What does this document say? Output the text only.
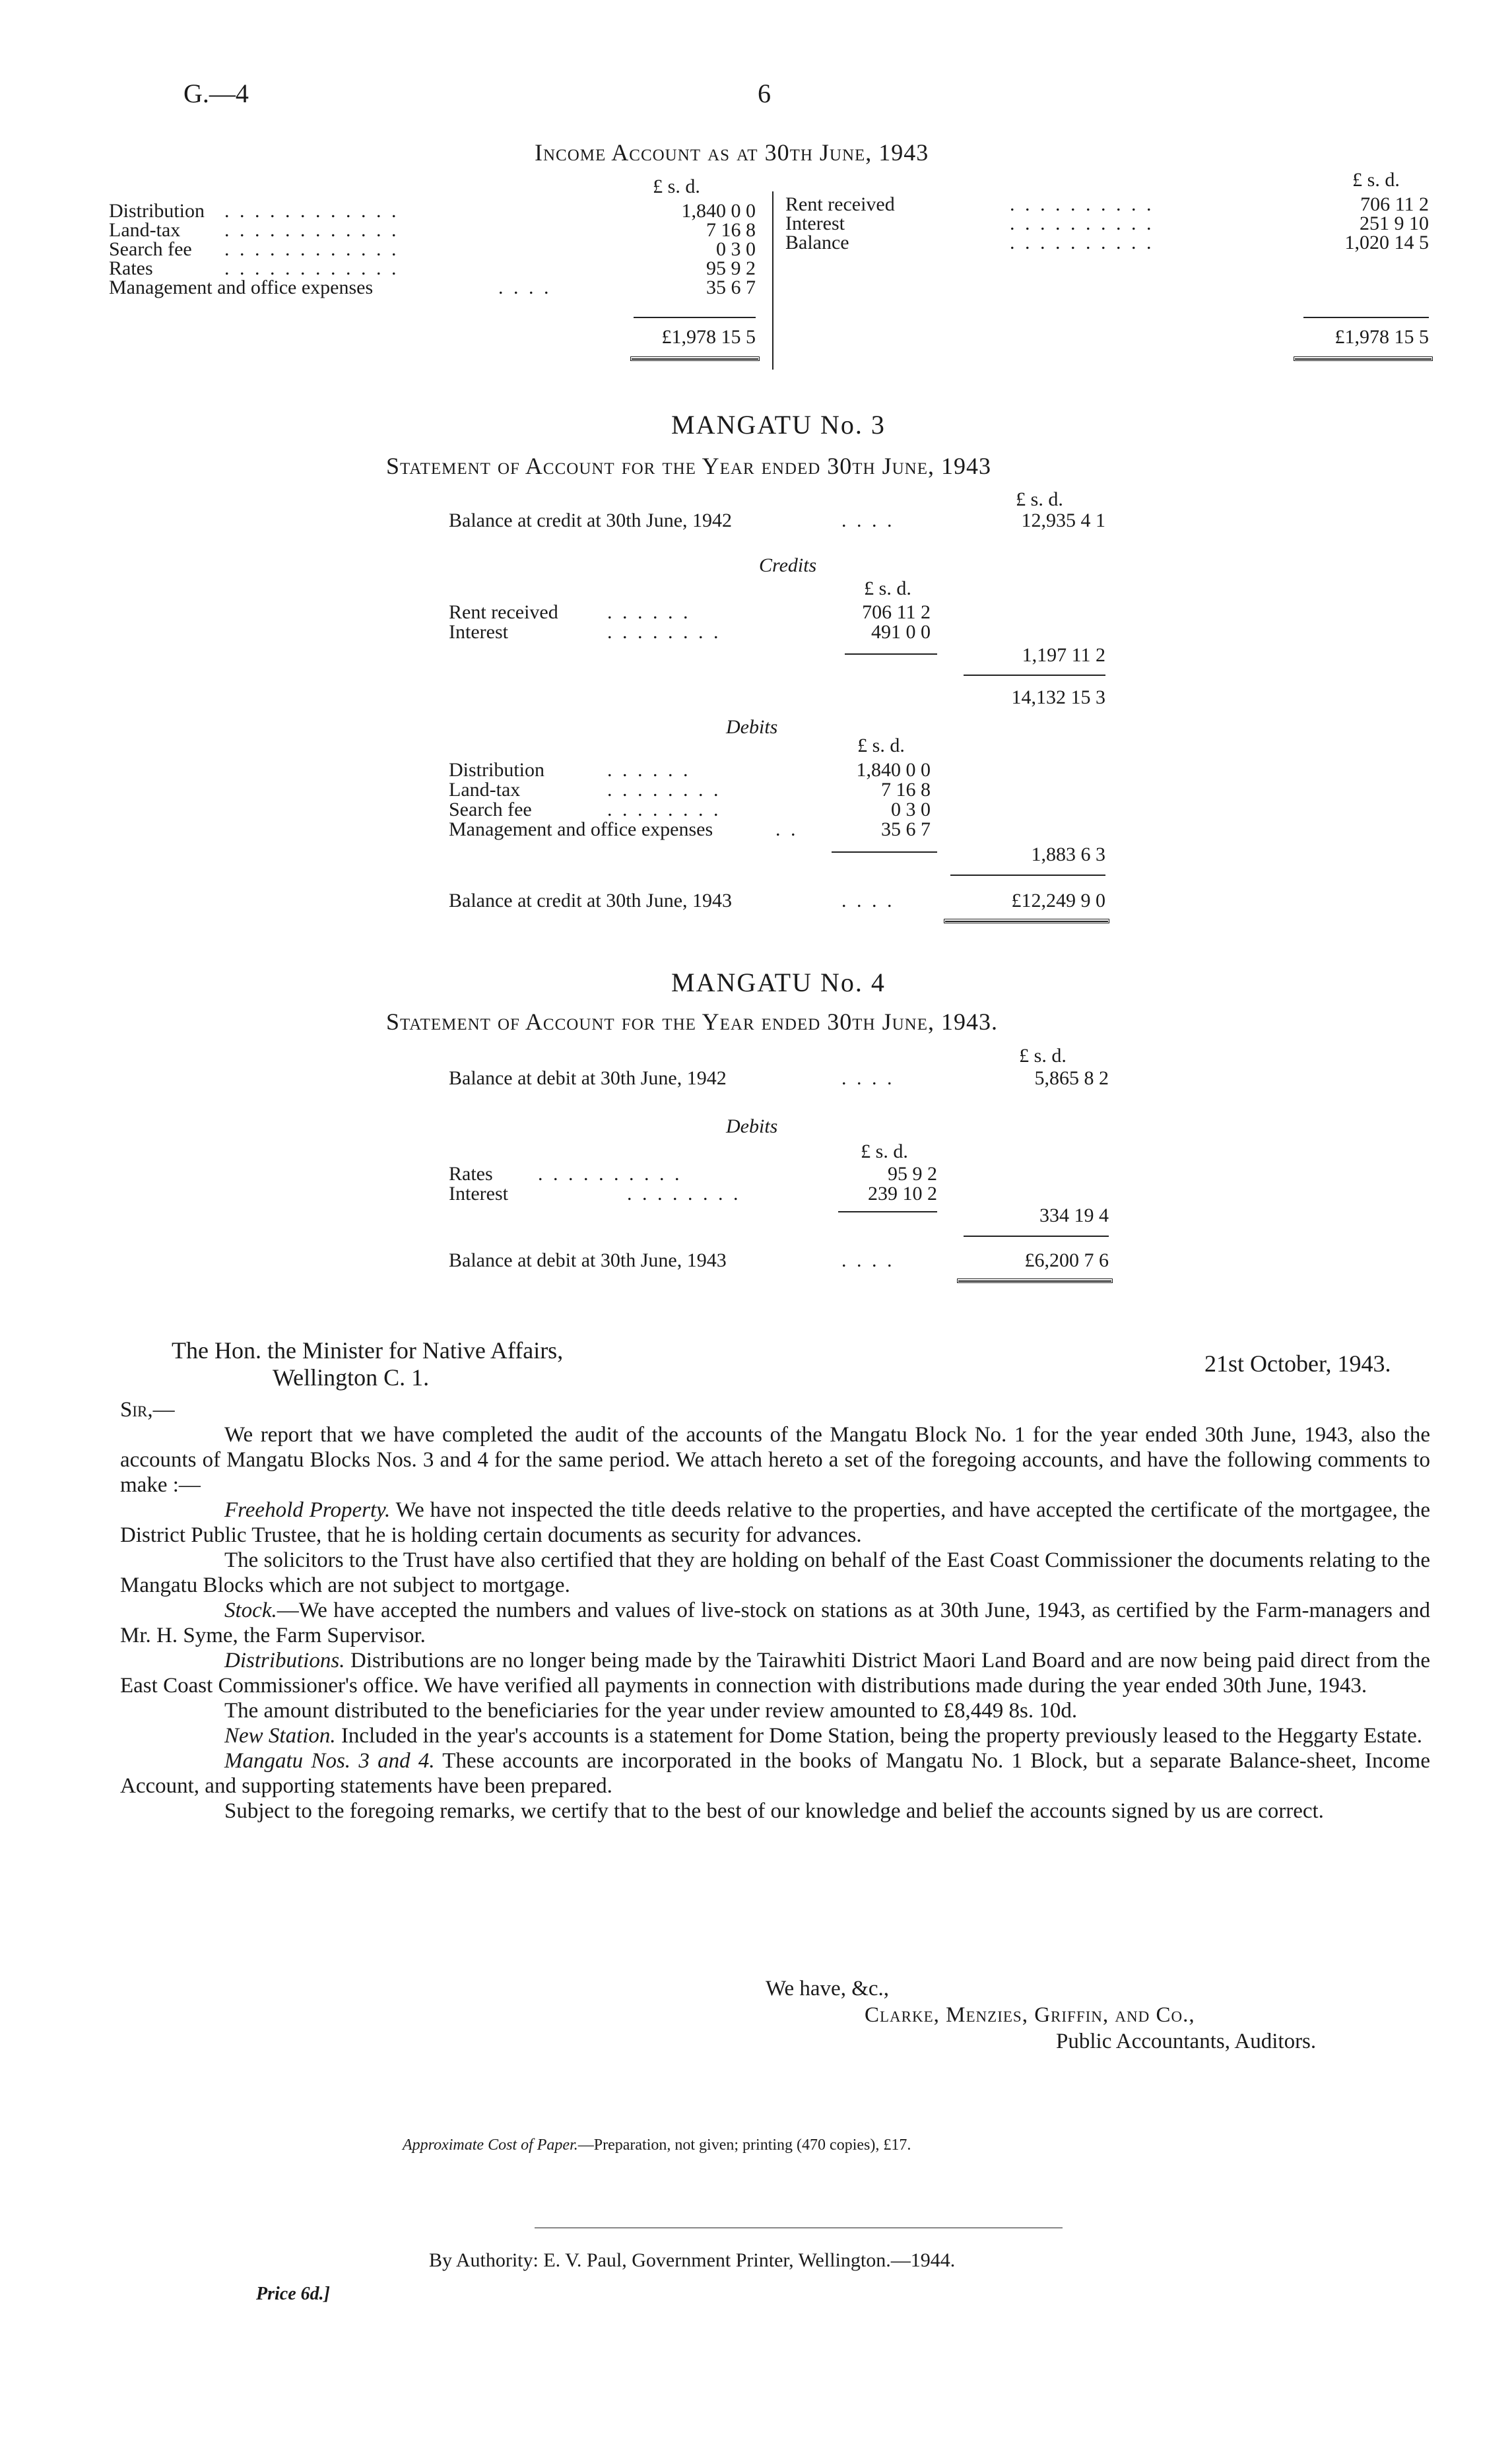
G.—4	6
Income Account as at 30th June, 1943
£ s. d.	£ s. d.
Distribution . . . . . . . . . . . .	1,840 0 0
Land-tax . . . . . . . . . . . .	7 16 8
Search fee . . . . . . . . . . . .	0 3 0
Rates	. . . . . . . . . . . .	95 9 2
Management and office expenses	. . . .	35 6 7
Rent received	. . . . . . . . . .	706 11 2
Interest	. . . . . . . . . .	251 9 10
Balance	. . . . . . . . . .	1,020 14 5
£1,978 15 5	£1,978 15 5
MANGATU No. 3
Statement of Account for the Year ended 30th June, 1943
£ s. d.
Balance at credit at 30th June, 1942	. . . .	12,935 4 1
Credits
£ s. d.
Rent received . . . . . .	706 11 2
Interest	. . . . . . . .	491 0 0
1,197 11 2
14,132 15 3
Debits
£ s. d.
Distribution	. . . . . .	1,840 0 0
Land-tax	. . . . . . . .	7 16 8
Search fee	. . . . . . . .	0 3 0
Management and office expenses	. .	35 6 7
1,883 6 3
Balance at credit at 30th June, 1943	. . . .	£12,249 9 0
MANGATU No. 4
Statement of Account for the Year ended 30th June, 1943.
£ s. d.
Balance at debit at 30th June, 1942	. . . .	5,865 8 2
Debits
£ s. d.
Rates . . . . . . . . . .	95 9 2
Interest	. . . . . . . .	239 10 2
334 19 4
Balance at debit at 30th June, 1943	. . . .	£6,200 7 6
The Hon. the Minister for Native Affairs,
Wellington C. 1.
21st October, 1943.
Sir,—

We report that we have completed the audit of the accounts of the Mangatu Block No. 1 for the year ended 30th June, 1943, also the accounts of Mangatu Blocks Nos. 3 and 4 for the same period. We attach hereto a set of the foregoing accounts, and have the following comments to make :—

Freehold Property. We have not inspected the title deeds relative to the properties, and have accepted the certificate of the mortgagee, the District Public Trustee, that he is holding certain documents as security for advances.

The solicitors to the Trust have also certified that they are holding on behalf of the East Coast Commissioner the documents relating to the Mangatu Blocks which are not subject to mortgage.

Stock.—We have accepted the numbers and values of live-stock on stations as at 30th June, 1943, as certified by the Farm-managers and Mr. H. Syme, the Farm Supervisor.

Distributions. Distributions are no longer being made by the Tairawhiti District Maori Land Board and are now being paid direct from the East Coast Commissioner's office. We have verified all payments in connection with distributions made during the year ended 30th June, 1943.

The amount distributed to the beneficiaries for the year under review amounted to £8,449 8s. 10d.

New Station. Included in the year's accounts is a statement for Dome Station, being the property previously leased to the Heggarty Estate.

Mangatu Nos. 3 and 4. These accounts are incorporated in the books of Mangatu No. 1 Block, but a separate Balance-sheet, Income Account, and supporting statements have been prepared.

Subject to the foregoing remarks, we certify that to the best of our knowledge and belief the accounts signed by us are correct.

We have, &c.,
Clarke, Menzies, Griffin, and Co.,
Public Accountants, Auditors.
Approximate Cost of Paper.—Preparation, not given; printing (470 copies), £17.
By Authority: E. V. Paul, Government Printer, Wellington.—1944.
Price 6d.]
